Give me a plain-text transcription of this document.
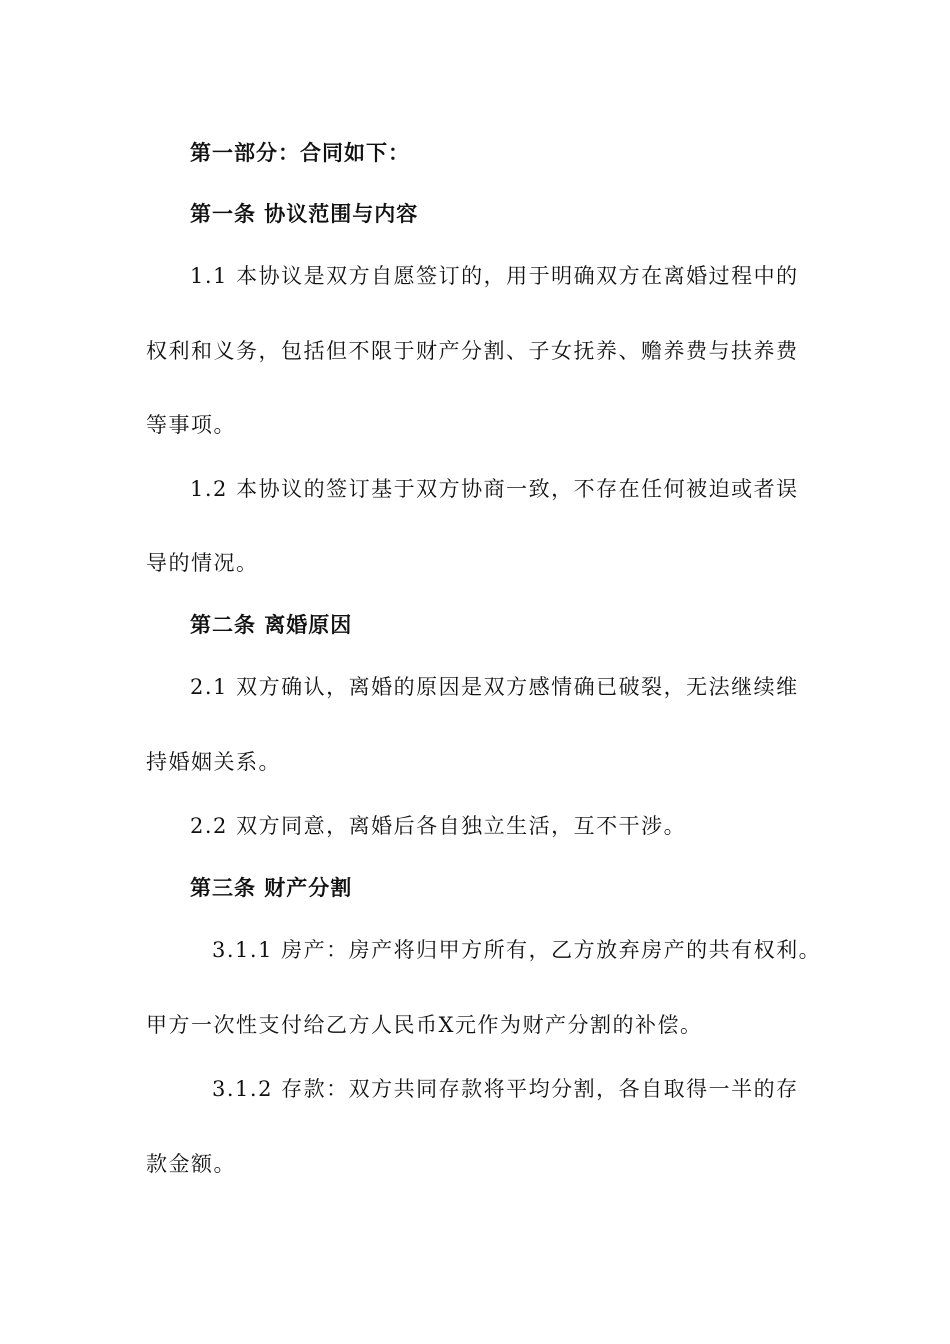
第一部分：合同如下：
第一条 协议范围与内容
1.1 本协议是双方自愿签订的，用于明确双方在离婚过程中的
权利和义务，包括但不限于财产分割、子女抚养、赡养费与扶养费
等事项。
1.2 本协议的签订基于双方协商一致，不存在任何被迫或者误
导的情况。
第二条 离婚原因
2.1 双方确认，离婚的原因是双方感情确已破裂，无法继续维
持婚姻关系。
2.2 双方同意，离婚后各自独立生活，互不干涉。
第三条 财产分割
3.1.1 房产：房产将归甲方所有，乙方放弃房产的共有权利。
甲方一次性支付给乙方人民币X元作为财产分割的补偿。
3.1.2 存款：双方共同存款将平均分割，各自取得一半的存
款金额。
